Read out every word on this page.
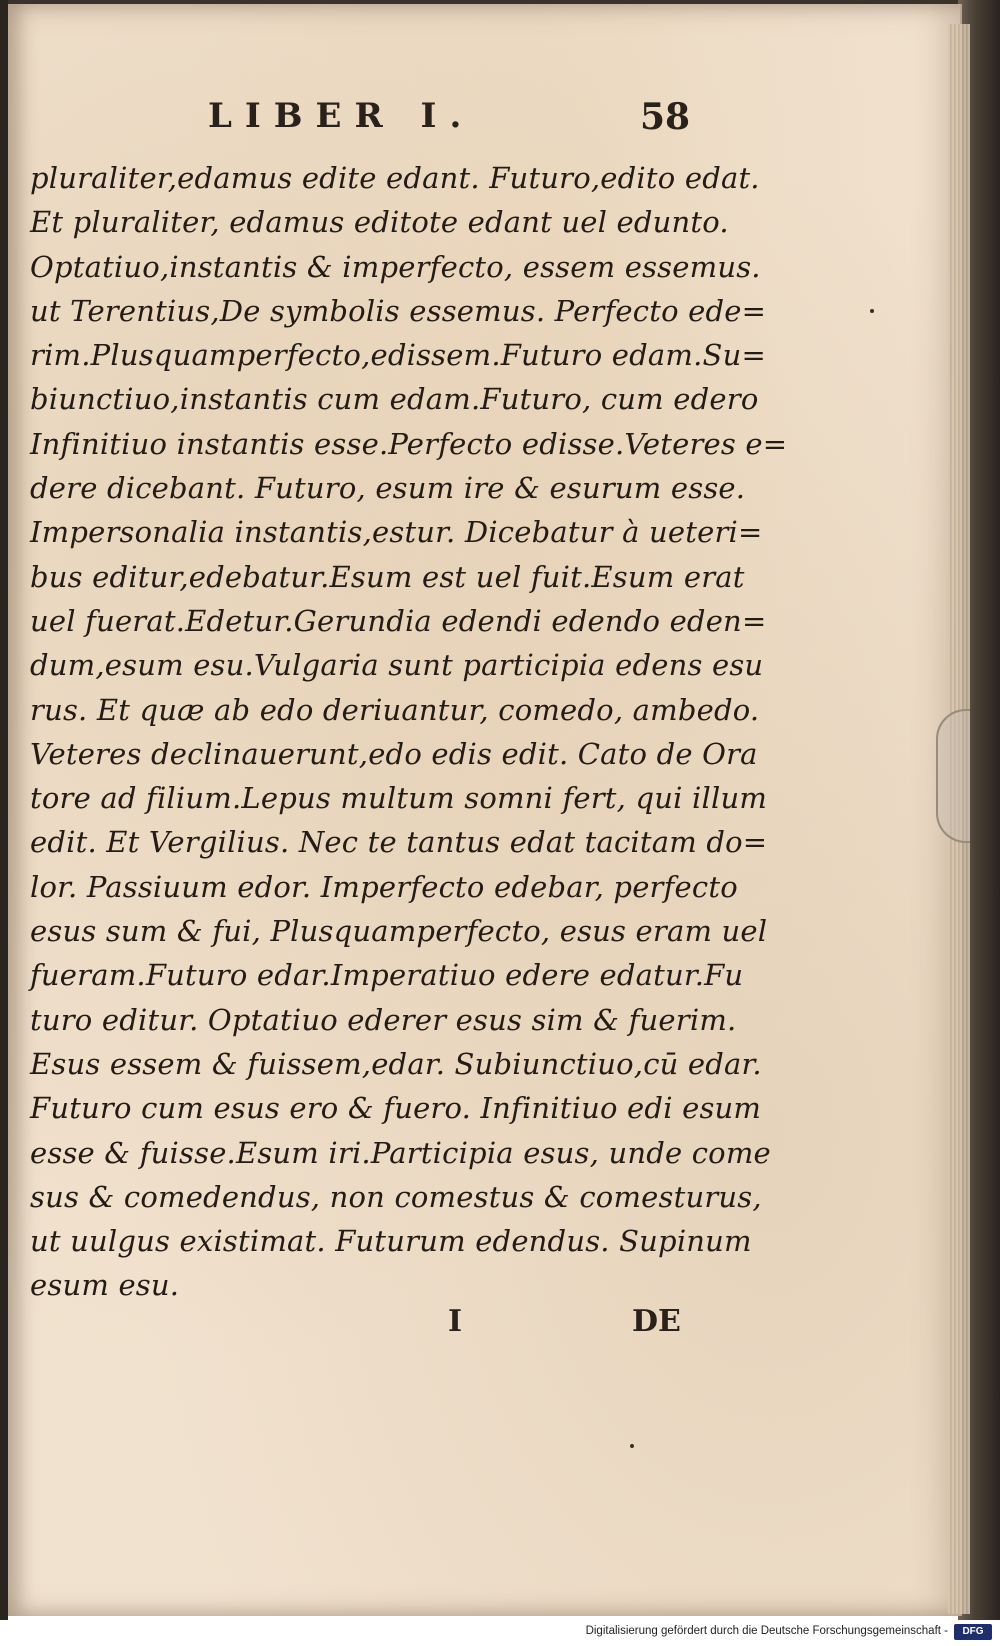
LIBER I.	58
pluraliter,edamus edite edant. Futuro,edito edat.
Et pluraliter, edamus editote edant uel edunto.
Optatiuo,instantis & imperfecto, essem essemus.
ut Terentius,De symbolis essemus. Perfecto ede=
rim.Plusquamperfecto,edissem.Futuro edam.Su=
biunctiuo,instantis cum edam.Futuro, cum edero
Infinitiuo instantis esse.Perfecto edisse.Veteres e=
dere dicebant. Futuro, esum ire & esurum esse.
Impersonalia instantis,estur. Dicebatur à ueteri=
bus editur,edebatur.Esum est uel fuit.Esum erat
uel fuerat.Edetur.Gerundia edendi edendo eden=
dum,esum esu.Vulgaria sunt participia edens esu
rus. Et quæ ab edo deriuantur, comedo, ambedo.
Veteres declinauerunt,edo edis edit. Cato de Ora
tore ad filium.Lepus multum somni fert, qui illum
edit. Et Vergilius. Nec te tantus edat tacitam do=
lor. Passiuum edor. Imperfecto edebar, perfecto
esus sum & fui, Plusquamperfecto, esus eram uel
fueram.Futuro edar.Imperatiuo edere edatur.Fu
turo editur. Optatiuo ederer esus sim & fuerim.
Esus essem & fuissem,edar. Subiunctiuo,cū edar.
Futuro cum esus ero & fuero. Infinitiuo edi esum
esse & fuisse.Esum iri.Participia esus, unde come
sus & comedendus, non comestus & comesturus,
ut uulgus existimat. Futurum edendus. Supinum
esum esu.
I	DE
Digitalisierung gefördert durch die Deutsche Forschungsgemeinschaft -	DFG
